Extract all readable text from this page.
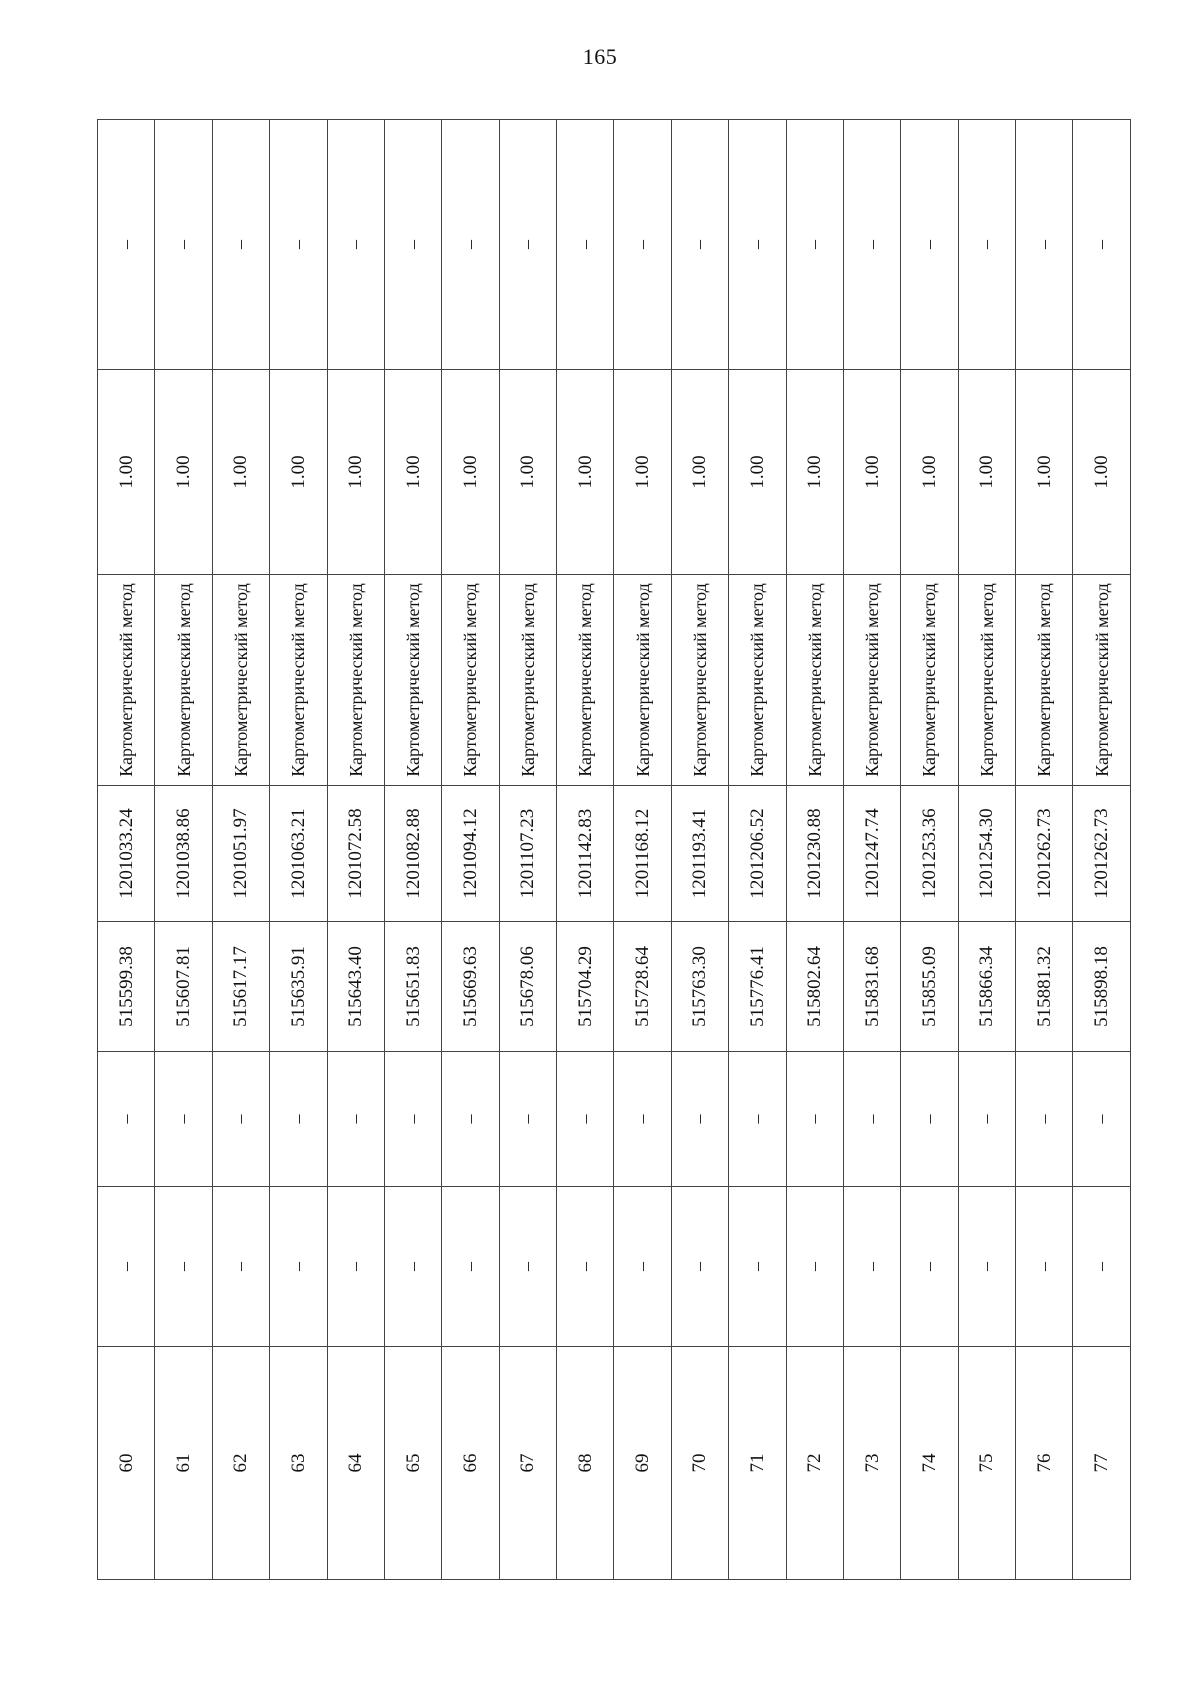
165
60	–	–	515599.38	1201033.24	Картометрический метод	1.00	–
61	–	–	515607.81	1201038.86	Картометрический метод	1.00	–
62	–	–	515617.17	1201051.97	Картометрический метод	1.00	–
63	–	–	515635.91	1201063.21	Картометрический метод	1.00	–
64	–	–	515643.40	1201072.58	Картометрический метод	1.00	–
65	–	–	515651.83	1201082.88	Картометрический метод	1.00	–
66	–	–	515669.63	1201094.12	Картометрический метод	1.00	–
67	–	–	515678.06	1201107.23	Картометрический метод	1.00	–
68	–	–	515704.29	1201142.83	Картометрический метод	1.00	–
69	–	–	515728.64	1201168.12	Картометрический метод	1.00	–
70	–	–	515763.30	1201193.41	Картометрический метод	1.00	–
71	–	–	515776.41	1201206.52	Картометрический метод	1.00	–
72	–	–	515802.64	1201230.88	Картометрический метод	1.00	–
73	–	–	515831.68	1201247.74	Картометрический метод	1.00	–
74	–	–	515855.09	1201253.36	Картометрический метод	1.00	–
75	–	–	515866.34	1201254.30	Картометрический метод	1.00	–
76	–	–	515881.32	1201262.73	Картометрический метод	1.00	–
77	–	–	515898.18	1201262.73	Картометрический метод	1.00	–
